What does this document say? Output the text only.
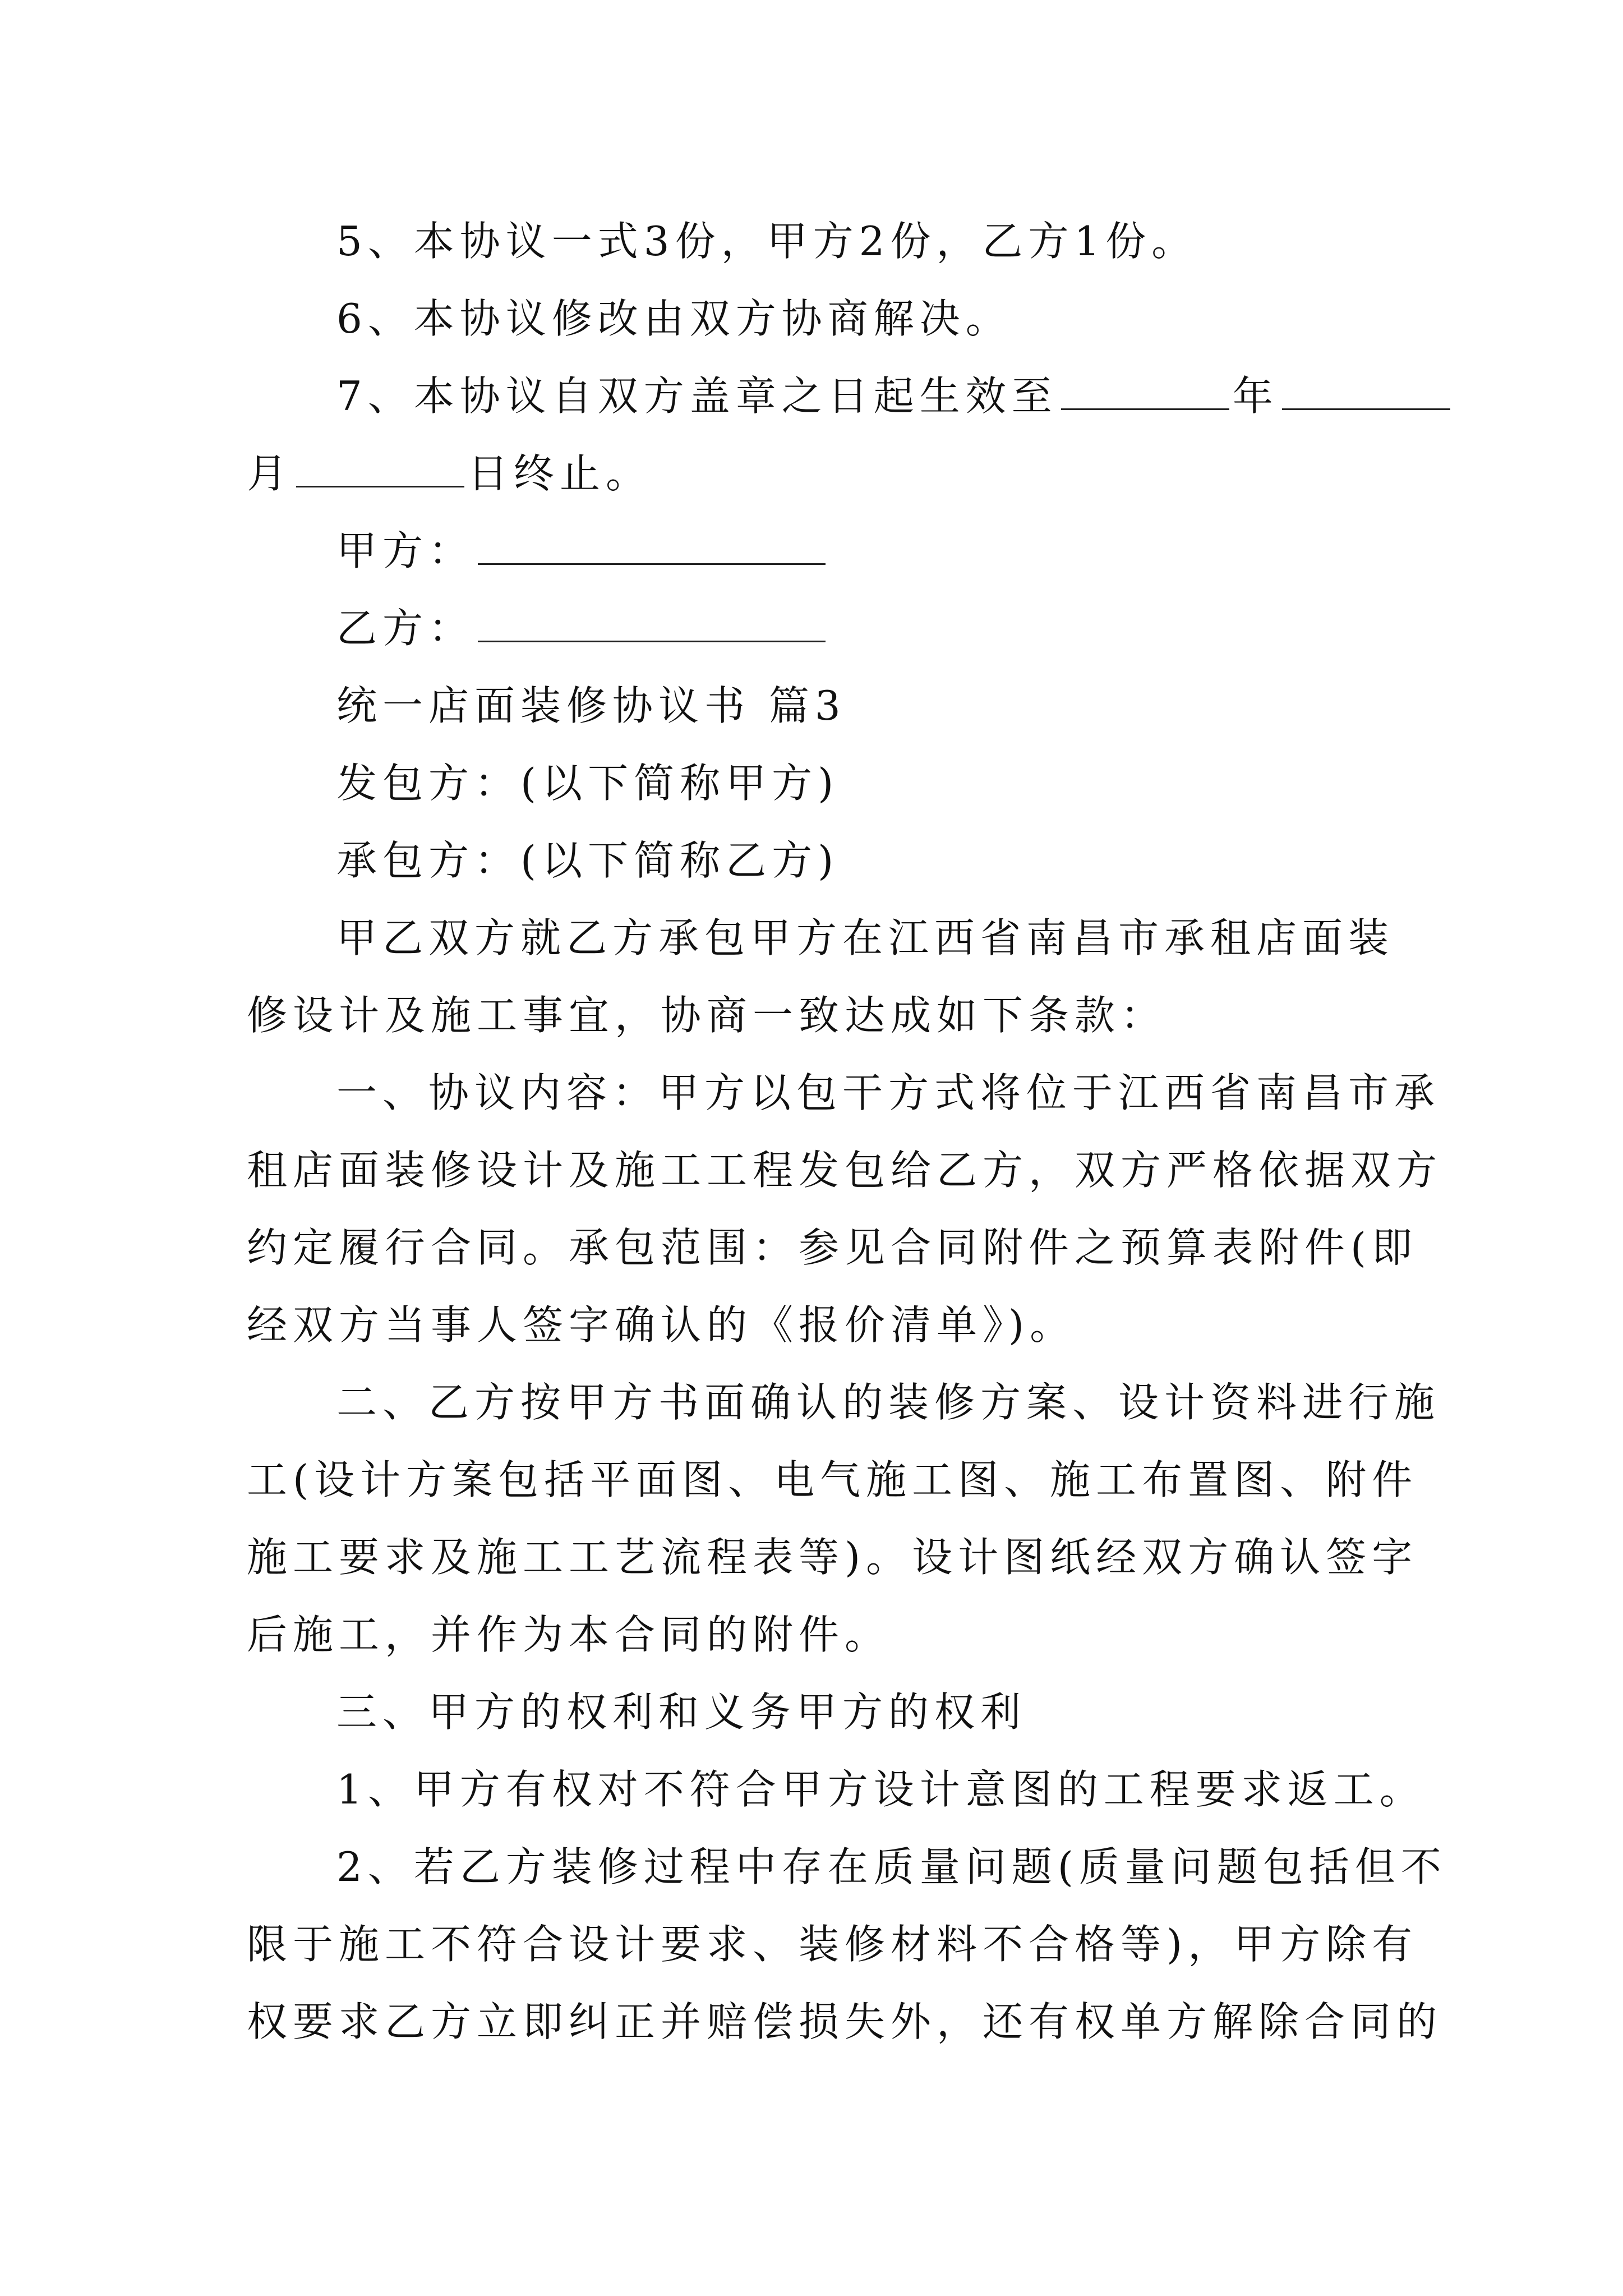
5、本协议一式3份，甲方2份，乙方1份。
6、本协议修改由双方协商解决。
7、本协议自双方盖章之日起生效至	年
月	日终止。
甲方：
乙方：
统一店面装修协议书 篇3
发包方：(以下简称甲方)
承包方：(以下简称乙方)
甲乙双方就乙方承包甲方在江西省南昌市承租店面装
修设计及施工事宜，协商一致达成如下条款：
一、协议内容：甲方以包干方式将位于江西省南昌市承
租店面装修设计及施工工程发包给乙方，双方严格依据双方
约定履行合同。承包范围：参见合同附件之预算表附件(即
经双方当事人签字确认的《报价清单》)。
二、乙方按甲方书面确认的装修方案、设计资料进行施
工(设计方案包括平面图、电气施工图、施工布置图、附件
施工要求及施工工艺流程表等)。设计图纸经双方确认签字
后施工，并作为本合同的附件。
三、甲方的权利和义务甲方的权利
1、甲方有权对不符合甲方设计意图的工程要求返工。
2、若乙方装修过程中存在质量问题(质量问题包括但不
限于施工不符合设计要求、装修材料不合格等)，甲方除有
权要求乙方立即纠正并赔偿损失外，还有权单方解除合同的
